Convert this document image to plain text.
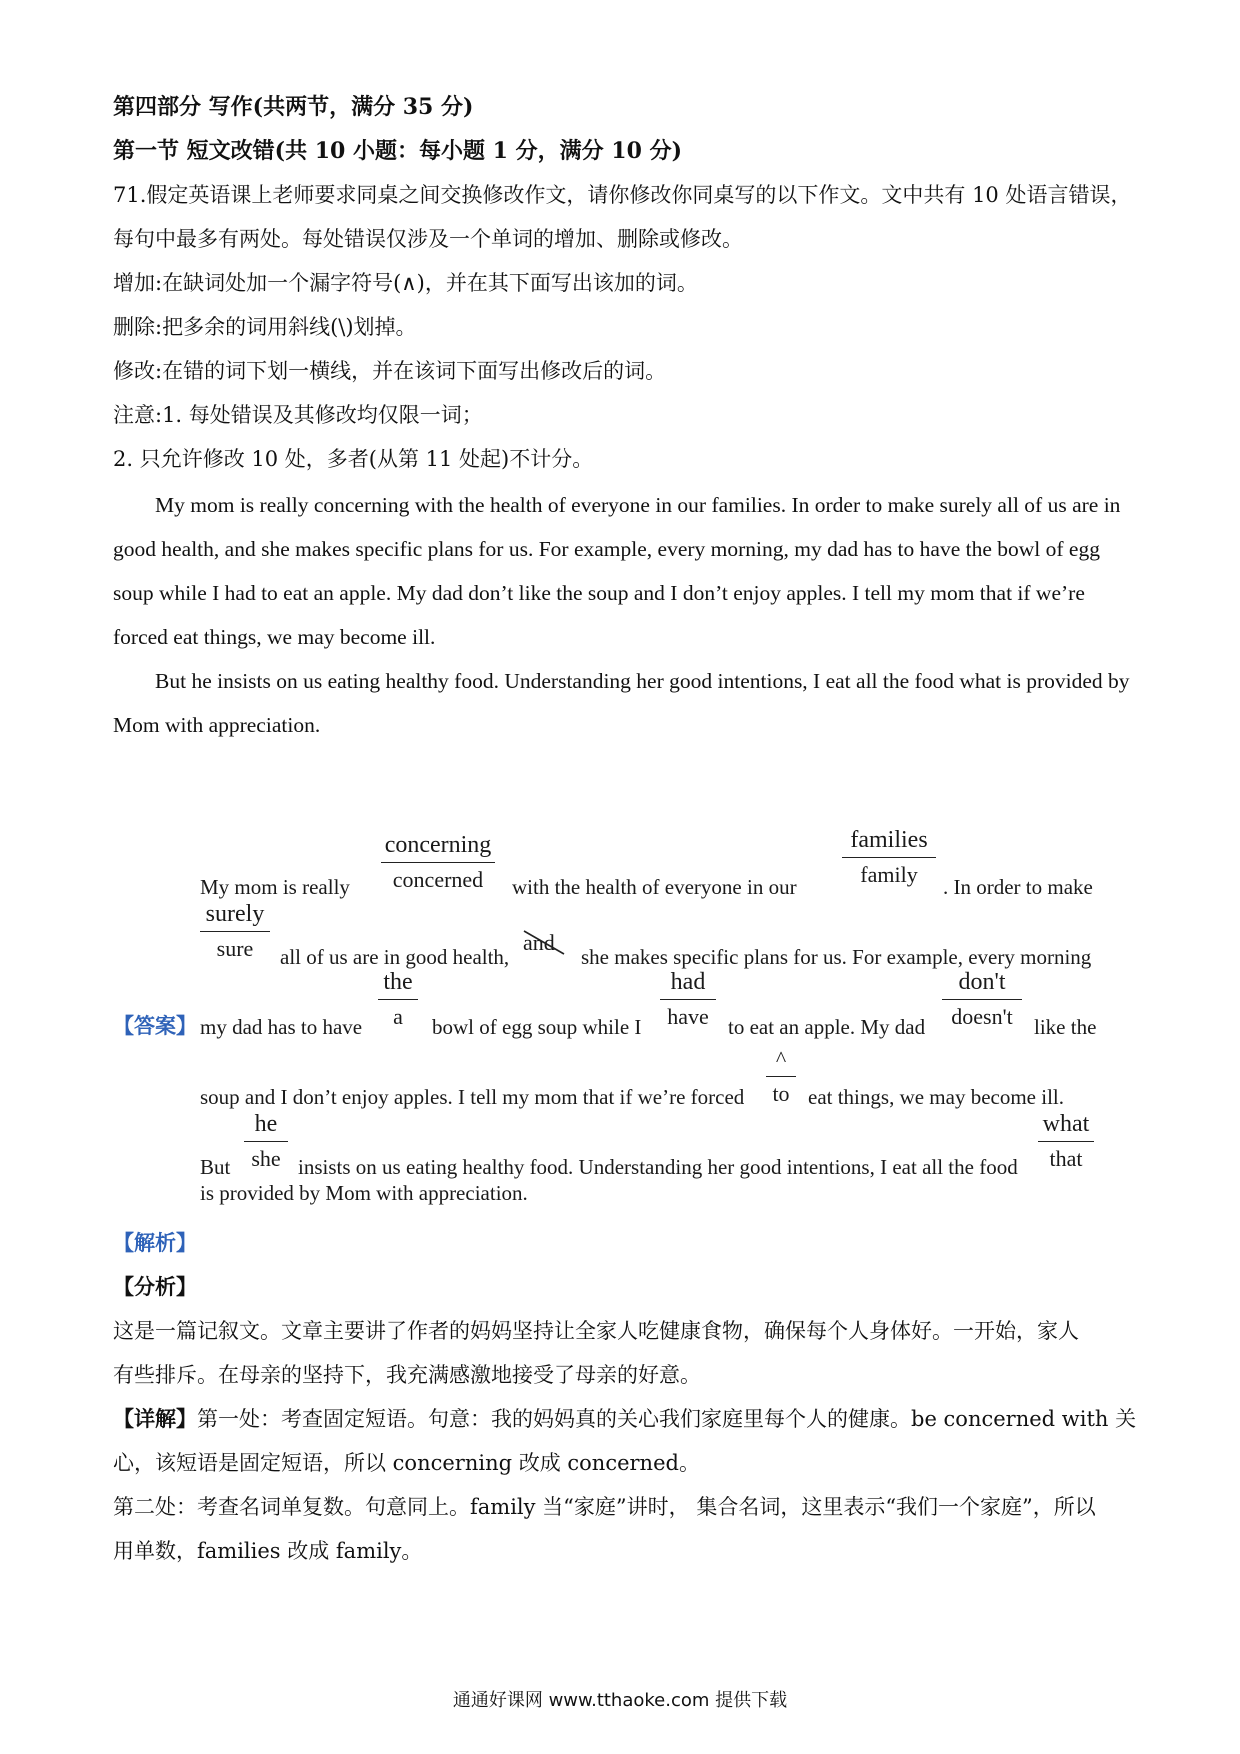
第四部分 写作(共两节，满分 35 分)
第一节 短文改错(共 10 小题：每小题 1 分，满分 10 分)
71.假定英语课上老师要求同桌之间交换修改作文，请你修改你同桌写的以下作文。文中共有 10 处语言错误，
每句中最多有两处。每处错误仅涉及一个单词的增加、删除或修改。
增加:在缺词处加一个漏字符号(∧)，并在其下面写出该加的词。
删除:把多余的词用斜线(\)划掉。
修改:在错的词下划一横线，并在该词下面写出修改后的词。
注意:1. 每处错误及其修改均仅限一词；
2. 只允许修改 10 处，多者(从第 11 处起)不计分。
My mom is really concerning with the health of everyone in our families. In order to make surely all of us are in
good health, and she makes specific plans for us. For example, every morning, my dad has to have the bowl of egg
soup while I had to eat an apple. My dad don’t like the soup and I don’t enjoy apples. I tell my mom that if we’re
forced eat things, we may become ill.
But he insists on us eating healthy food. Understanding her good intentions, I eat all the food what is provided by
Mom with appreciation.
【答案】
My mom is really
concerning
concerned	with the health of everyone in our
families
family	. In order to make
surely
sure	all of us are in good health,
and
she makes specific plans for us. For example, every morning
my dad has to have
the
a	bowl of egg soup while I
had
have to eat an apple. My dad
don't
doesn't	like the
soup and I don’t enjoy apples. I tell my mom that if we’re forced
^
to eat things, we may become ill.
But
he
she insists on us eating healthy food. Understanding her good intentions, I eat all the food
what
that
is provided by Mom with appreciation.
【解析】
【分析】
这是一篇记叙文。文章主要讲了作者的妈妈坚持让全家人吃健康食物，确保每个人身体好。一开始，家人
有些排斥。在母亲的坚持下，我充满感激地接受了母亲的好意。
【详解】第一处：考查固定短语。句意：我的妈妈真的关心我们家庭里每个人的健康。be concerned with 关
心，该短语是固定短语，所以 concerning 改成 concerned。
第二处：考查名词单复数。句意同上。family 当“家庭”讲时， 集合名词，这里表示“我们一个家庭”，所以
用单数，families 改成 family。
通通好课网 www.tthaoke.com 提供下载
